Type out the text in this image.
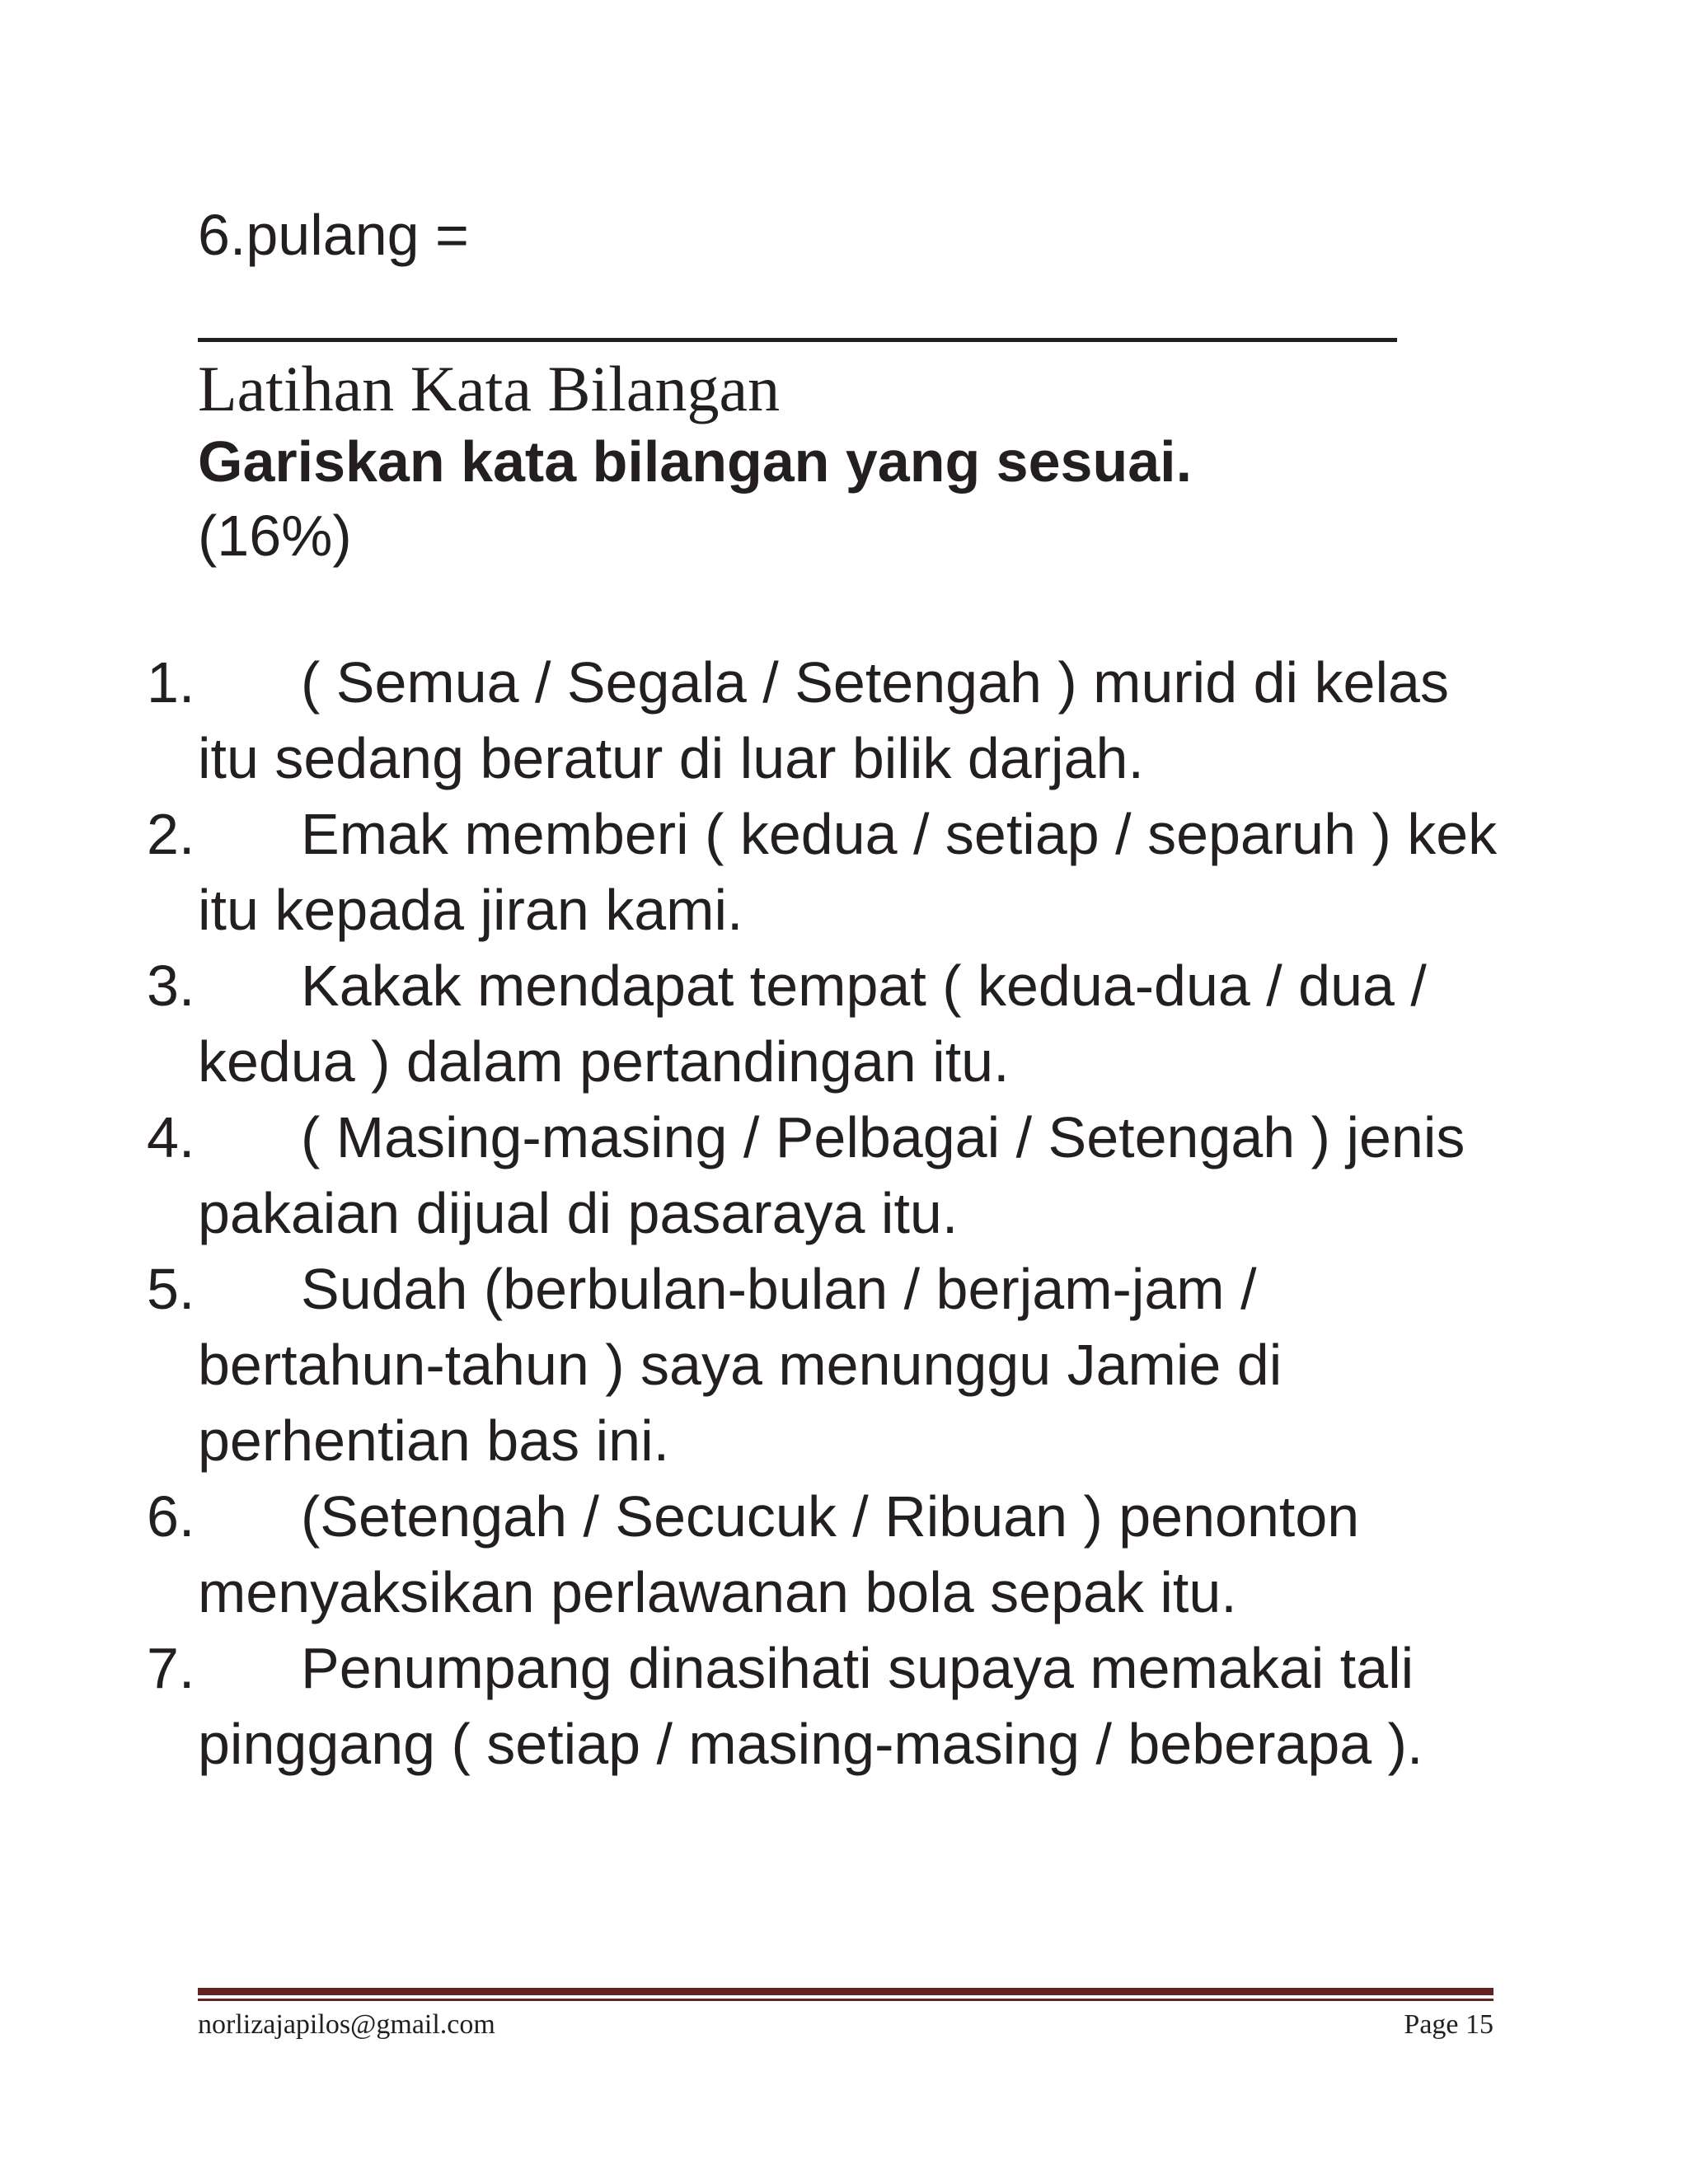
6.pulang =
Latihan Kata Bilangan
Gariskan kata bilangan yang sesuai. (16%)
1.	( Semua / Segala / Setengah ) murid di kelas itu sedang beratur di luar bilik darjah.
2.	Emak memberi ( kedua / setiap / separuh ) kek itu kepada jiran kami.
3.	Kakak mendapat tempat ( kedua-dua / dua / kedua ) dalam pertandingan itu.
4.	( Masing-masing / Pelbagai / Setengah ) jenis pakaian dijual di pasaraya itu.
5.	Sudah (berbulan-bulan / berjam-jam / bertahun-tahun ) saya menunggu Jamie di perhentian bas ini.
6.	(Setengah / Secucuk / Ribuan ) penonton menyaksikan perlawanan bola sepak itu.
7.	Penumpang dinasihati supaya memakai tali pinggang ( setiap / masing-masing / beberapa ).
norlizajapilos@gmail.com	Page 15
